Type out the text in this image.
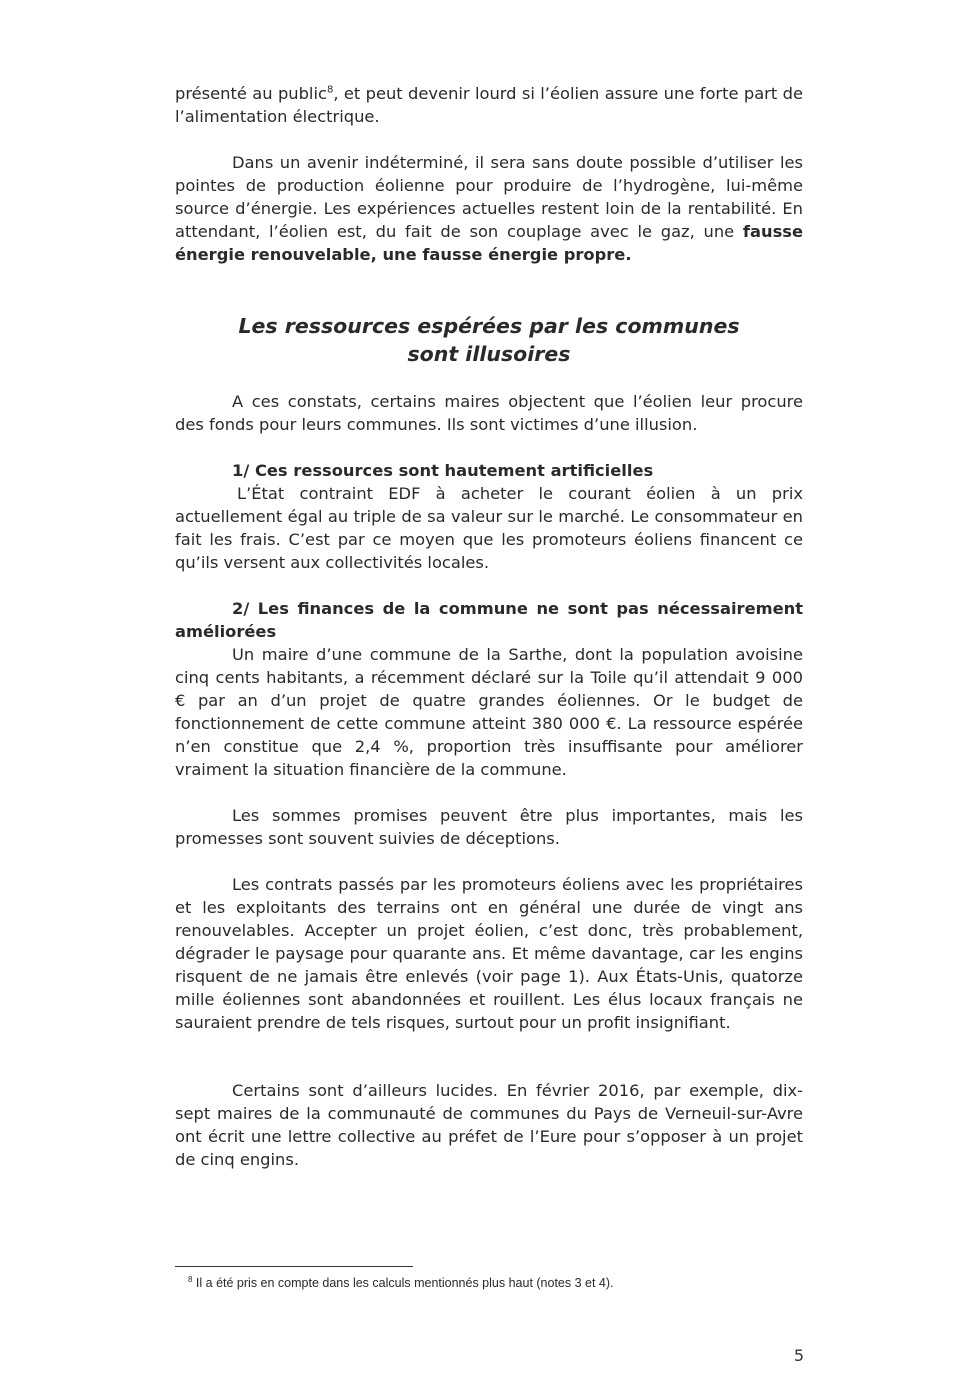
présenté au public$^8$, et peut devenir lourd si l’éolien assure une forte part de l’alimentation électrique.
Dans un avenir indéterminé, il sera sans doute possible d’utiliser les pointes de production éolienne pour produire de l’hydrogène, lui-même source d’énergie. Les expériences actuelles restent loin de la rentabilité. En attendant, l’éolien est, du fait de son couplage avec le gaz, une fausse énergie renouvelable, une fausse énergie propre.
Les ressources espérées par les communes
sont illusoires
A ces constats, certains maires objectent que l’éolien leur procure des fonds pour leurs communes. Ils sont victimes d’une illusion.
1/ Ces ressources sont hautement artificielles
L’État contraint EDF à acheter le courant éolien à un prix actuellement égal au triple de sa valeur sur le marché. Le consommateur en fait les frais. C’est par ce moyen que les promoteurs éoliens financent ce qu’ils versent aux collectivités locales.
2/ Les finances de la commune ne sont pas nécessairement améliorées
Un maire d’une commune de la Sarthe, dont la population avoisine cinq cents habitants, a récemment déclaré sur la Toile qu’il attendait 9 000 € par an d’un projet de quatre grandes éoliennes. Or le budget de fonctionnement de cette commune atteint 380 000 €. La ressource espérée n’en constitue que 2,4 %, proportion très insuffisante pour améliorer vraiment la situation financière de la commune.
Les sommes promises peuvent être plus importantes, mais les promesses sont souvent suivies de déceptions.
Les contrats passés par les promoteurs éoliens avec les propriétaires et les exploitants des terrains ont en général une durée de vingt ans renouvelables. Accepter un projet éolien, c’est donc, très probablement, dégrader le paysage pour quarante ans. Et même davantage, car les engins risquent de ne jamais être enlevés (voir page 1). Aux États-Unis, quatorze mille éoliennes sont abandonnées et rouillent. Les élus locaux français ne sauraient prendre de tels risques, surtout pour un profit insignifiant.
Certains sont d’ailleurs lucides. En février 2016, par exemple, dix-sept maires de la communauté de communes du Pays de Verneuil-sur-Avre ont écrit une lettre collective au préfet de l’Eure pour s’opposer à un projet de cinq engins.
$^8$ Il a été pris en compte dans les calculs mentionnés plus haut (notes 3 et 4).
5
